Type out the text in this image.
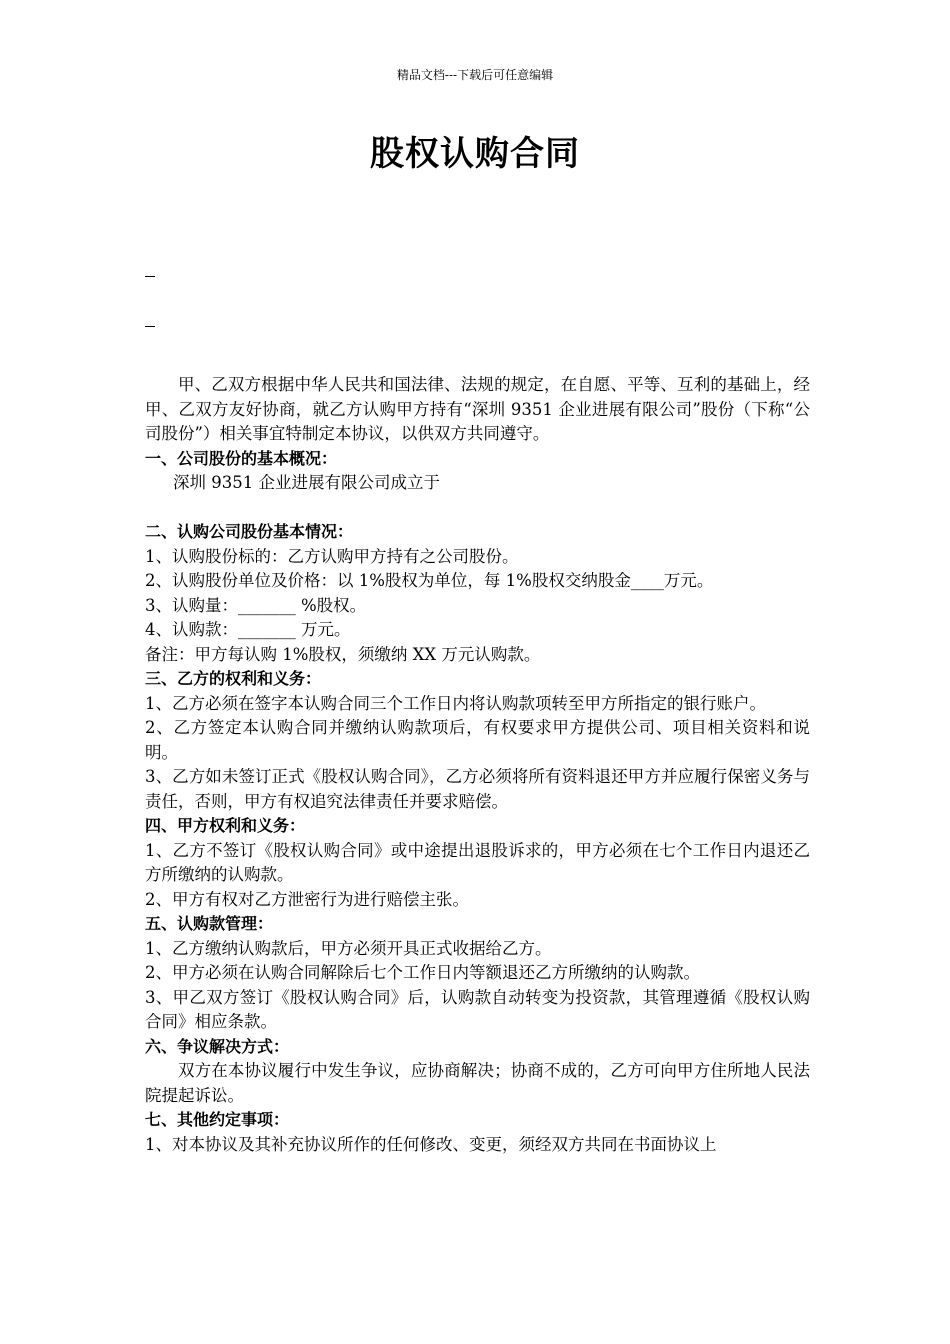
精品文档---下载后可任意编辑
股权认购合同

甲、乙双方根据中华人民共和国法律、法规的规定，在自愿、平等、互利的基础上，经甲、乙双方友好协商，就乙方认购甲方持有“深圳 9351 企业进展有限公司”股份（下称“公司股份”）相关事宜特制定本协议，以供双方共同遵守。

一、公司股份的基本概况：

深圳 9351 企业进展有限公司成立于

二、认购公司股份基本情况：

1、认购股份标的：乙方认购甲方持有之公司股份。

2、认购股份单位及价格：以 1%股权为单位，每 1%股权交纳股金____万元。

3、认购量：_______ %股权。

4、认购款：_______ 万元。

备注：甲方每认购 1%股权，须缴纳 XX 万元认购款。

三、乙方的权利和义务：

1、乙方必须在签字本认购合同三个工作日内将认购款项转至甲方所指定的银行账户。

2、乙方签定本认购合同并缴纳认购款项后，有权要求甲方提供公司、项目相关资料和说明。

3、乙方如未签订正式《股权认购合同》，乙方必须将所有资料退还甲方并应履行保密义务与责任，否则，甲方有权追究法律责任并要求赔偿。

四、甲方权利和义务：

1、乙方不签订《股权认购合同》或中途提出退股诉求的，甲方必须在七个工作日内退还乙方所缴纳的认购款。

2、甲方有权对乙方泄密行为进行赔偿主张。

五、认购款管理：

1、乙方缴纳认购款后，甲方必须开具正式收据给乙方。

2、甲方必须在认购合同解除后七个工作日内等额退还乙方所缴纳的认购款。

3、甲乙双方签订《股权认购合同》后，认购款自动转变为投资款，其管理遵循《股权认购合同》相应条款。

六、争议解决方式：

双方在本协议履行中发生争议，应协商解决；协商不成的，乙方可向甲方住所地人民法院提起诉讼。

七、其他约定事项：

1、对本协议及其补充协议所作的任何修改、变更，须经双方共同在书面协议上
